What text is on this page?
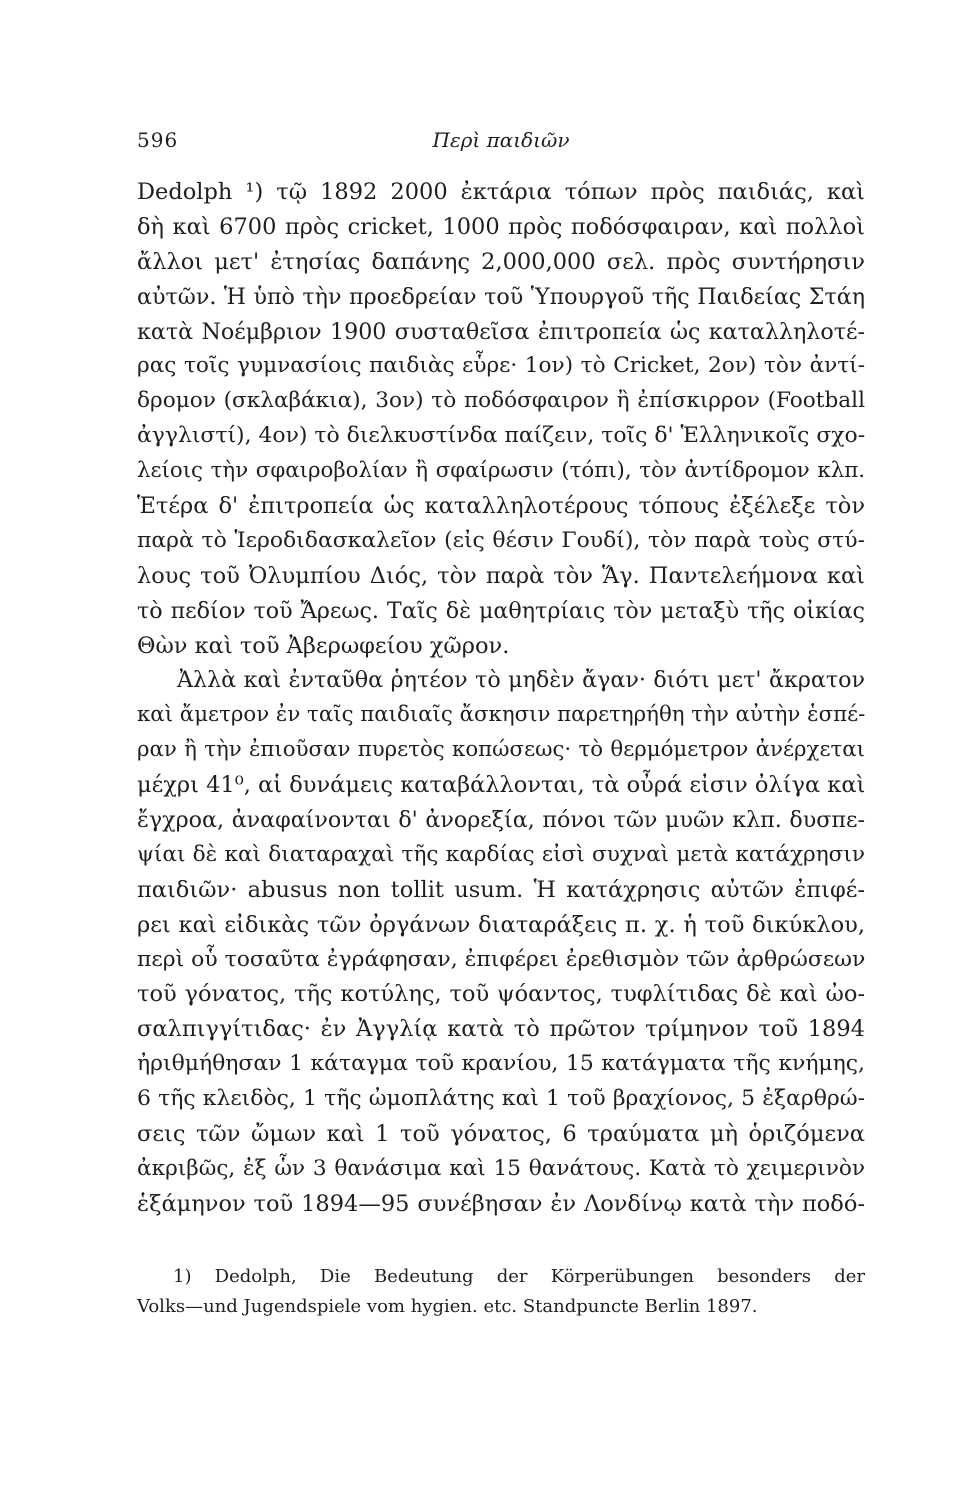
596	Περὶ παιδιῶν
Dedolph ¹) τῷ 1892 2000 ἐκτάρια τόπων πρὸς παιδιάς, καὶ
δὴ καὶ 6700 πρὸς cricket, 1000 πρὸς ποδόσφαιραν, καὶ πολλοὶ
ἄλλοι μετ' ἐτησίας δαπάνης 2,000,000 σελ. πρὸς συντήρησιν
αὐτῶν. Ἡ ὑπὸ τὴν προεδρείαν τοῦ Ὑπουργοῦ τῆς Παιδείας Στάη
κατὰ Νοέμβριον 1900 συσταθεῖσα ἐπιτροπεία ὡς καταλληλοτέ-
ρας τοῖς γυμνασίοις παιδιὰς εὗρε· 1ον) τὸ Cricket, 2ον) τὸν ἀντί-
δρομον (σκλαβάκια), 3ον) τὸ ποδόσφαιρον ἢ ἐπίσκιρρον (Football
ἀγγλιστί), 4ον) τὸ διελκυστίνδα παίζειν, τοῖς δ' Ἑλληνικοῖς σχο-
λείοις τὴν σφαιροβολίαν ἢ σφαίρωσιν (τόπι), τὸν ἀντίδρομον κλπ.
Ἑτέρα δ' ἐπιτροπεία ὡς καταλληλοτέρους τόπους ἐξέλεξε τὸν
παρὰ τὸ Ἱεροδιδασκαλεῖον (εἰς θέσιν Γουδί), τὸν παρὰ τοὺς στύ-
λους τοῦ Ὀλυμπίου Διός, τὸν παρὰ τὸν Ἅγ. Παντελεήμονα καὶ
τὸ πεδίον τοῦ Ἄρεως. Ταῖς δὲ μαθητρίαις τὸν μεταξὺ τῆς οἰκίας
Θὼν καὶ τοῦ Ἀβερωφείου χῶρον.
Ἀλλὰ καὶ ἐνταῦθα ῥητέον τὸ μηδὲν ἄγαν· διότι μετ' ἄκρατον
καὶ ἄμετρον ἐν ταῖς παιδιαῖς ἄσκησιν παρετηρήθη τὴν αὐτὴν ἑσπέ-
ραν ἢ τὴν ἐπιοῦσαν πυρετὸς κοπώσεως· τὸ θερμόμετρον ἀνέρχεται
μέχρι 41⁰, αἱ δυνάμεις καταβάλλονται, τὰ οὖρά εἰσιν ὀλίγα καὶ
ἔγχροα, ἀναφαίνονται δ' ἀνορεξία, πόνοι τῶν μυῶν κλπ. δυσπε-
ψίαι δὲ καὶ διαταραχαὶ τῆς καρδίας εἰσὶ συχναὶ μετὰ κατάχρησιν
παιδιῶν· abusus non tollit usum. Ἡ κατάχρησις αὐτῶν ἐπιφέ-
ρει καὶ εἰδικὰς τῶν ὀργάνων διαταράξεις π. χ. ἡ τοῦ δικύκλου,
περὶ οὗ τοσαῦτα ἐγράφησαν, ἐπιφέρει ἐρεθισμὸν τῶν ἀρθρώσεων
τοῦ γόνατος, τῆς κοτύλης, τοῦ ψόαντος, τυφλίτιδας δὲ καὶ ὠο-
σαλπιγγίτιδας· ἐν Ἀγγλίᾳ κατὰ τὸ πρῶτον τρίμηνον τοῦ 1894
ἠριθμήθησαν 1 κάταγμα τοῦ κρανίου, 15 κατάγματα τῆς κνήμης,
6 τῆς κλειδὸς, 1 τῆς ὠμοπλάτης καὶ 1 τοῦ βραχίονος, 5 ἐξαρθρώ-
σεις τῶν ὤμων καὶ 1 τοῦ γόνατος, 6 τραύματα μὴ ὁριζόμενα
ἀκριβῶς, ἐξ ὧν 3 θανάσιμα καὶ 15 θανάτους. Κατὰ τὸ χειμερινὸν
ἑξάμηνον τοῦ 1894—95 συνέβησαν ἐν Λονδίνῳ κατὰ τὴν ποδό-
1) Dedolph, Die Bedeutung der Körperübungen besonders der
Volks—und Jugendspiele vom hygien. etc. Standpuncte Berlin 1897.
